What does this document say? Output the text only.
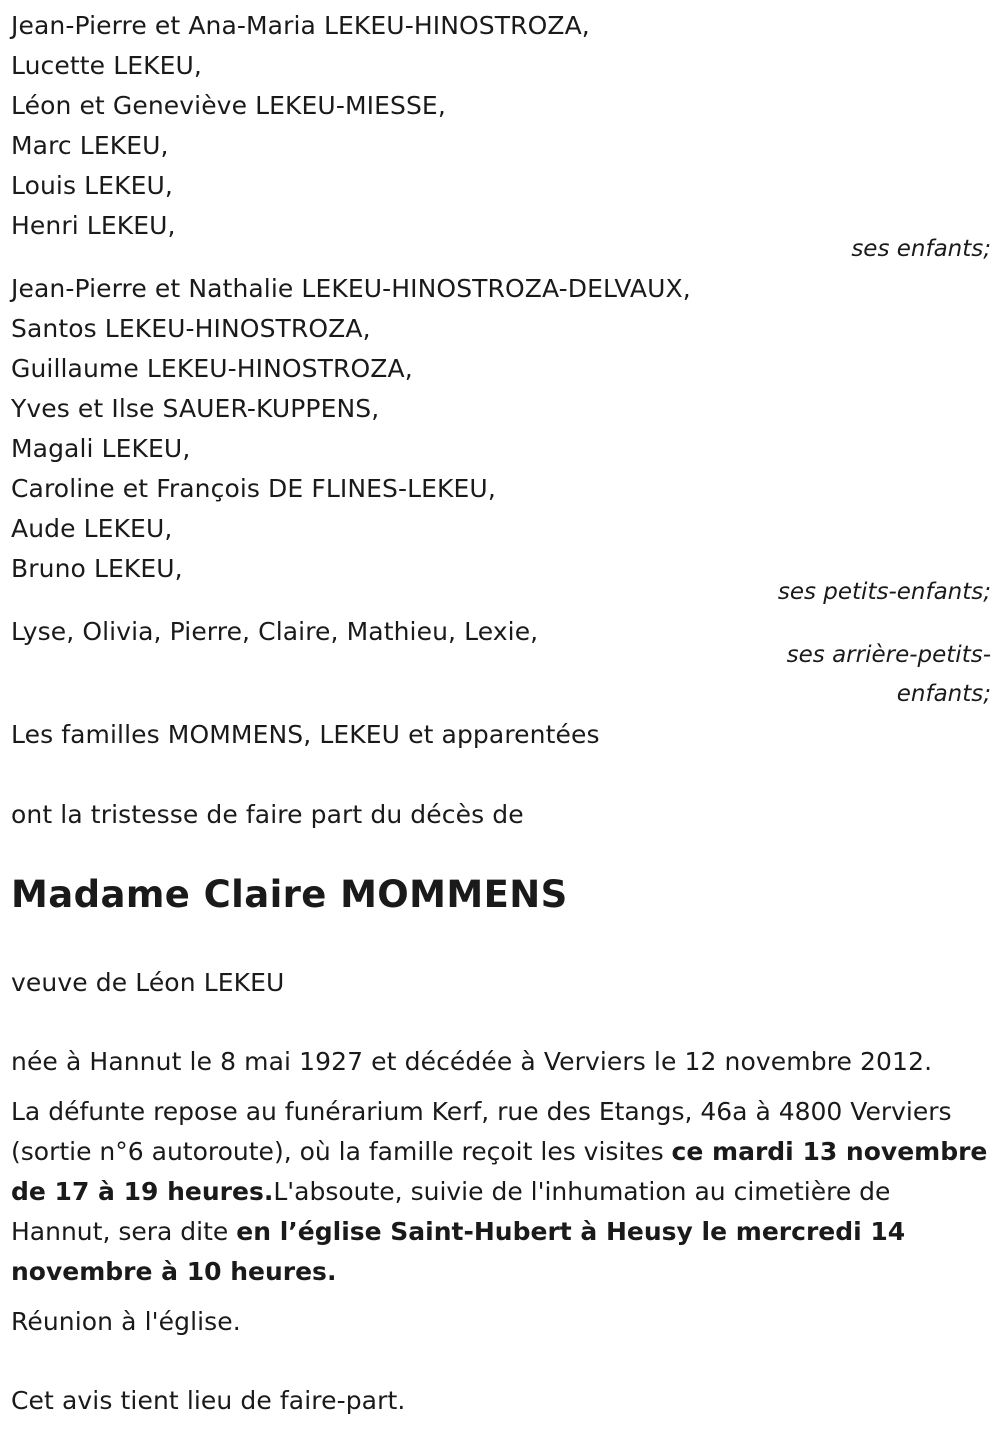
Jean-Pierre et Ana-Maria LEKEU-HINOSTROZA,
Lucette LEKEU,
Léon et Geneviève LEKEU-MIESSE,
Marc LEKEU,
Louis LEKEU,
Henri LEKEU,
ses enfants;
Jean-Pierre et Nathalie LEKEU-HINOSTROZA-DELVAUX,
Santos LEKEU-HINOSTROZA,
Guillaume LEKEU-HINOSTROZA,
Yves et Ilse SAUER-KUPPENS,
Magali LEKEU,
Caroline et François DE FLINES-LEKEU,
Aude LEKEU,
Bruno LEKEU,
ses petits-enfants;
Lyse, Olivia, Pierre, Claire, Mathieu, Lexie,
ses arrière-petits-
enfants;
Les familles MOMMENS, LEKEU et apparentées
ont la tristesse de faire part du décès de
Madame Claire MOMMENS
veuve de Léon LEKEU
née à Hannut le 8 mai 1927 et décédée à Verviers le 12 novembre 2012.
La défunte repose au funérarium Kerf, rue des Etangs, 46a à 4800 Verviers (sortie n°6 autoroute), où la famille reçoit les visites ce mardi 13 novembre de 17 à 19 heures.L'absoute, suivie de l'inhumation au cimetière de Hannut, sera dite en l’église Saint-Hubert à Heusy le mercredi 14 novembre à 10 heures.
Réunion à l'église.
Cet avis tient lieu de faire-part.
